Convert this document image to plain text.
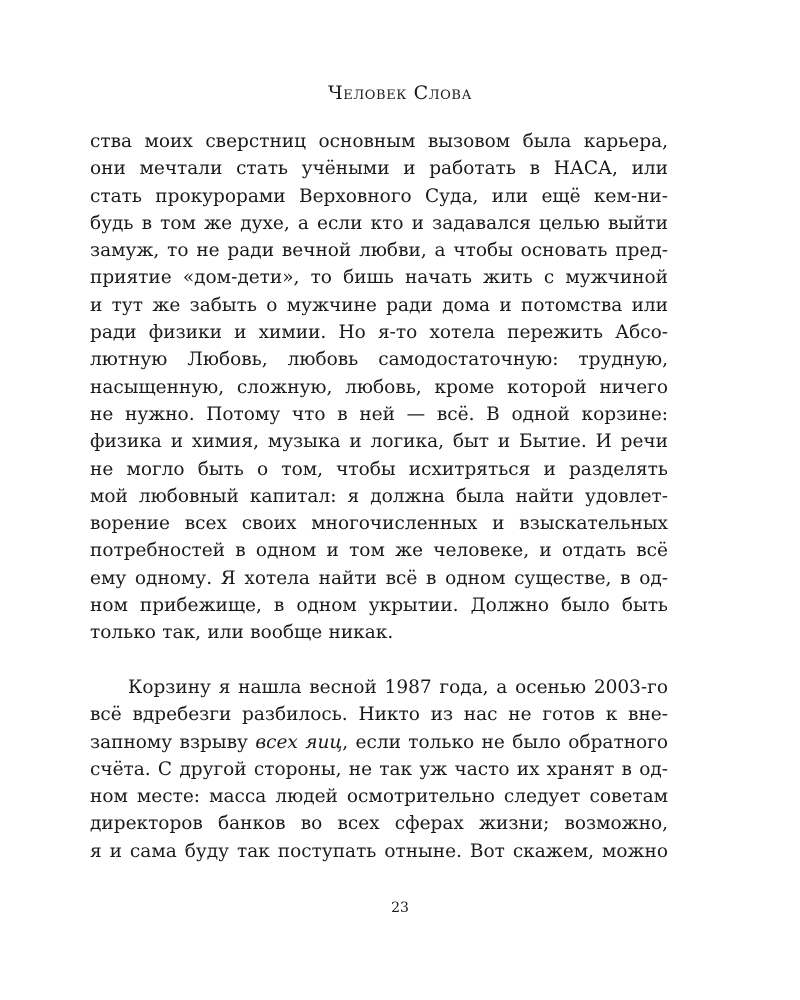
Человек Слова
ства моих сверстниц основным вызовом была карьера,
они мечтали стать учёными и работать в НАСА, или
стать прокурорами Верховного Суда, или ещё кем-ни-
будь в том же духе, а если кто и задавался целью выйти
замуж, то не ради вечной любви, а чтобы основать пред-
приятие «дом-дети», то бишь начать жить с мужчиной
и тут же забыть о мужчине ради дома и потомства или
ради физики и химии. Но я-то хотела пережить Абсо-
лютную Любовь, любовь самодостаточную: трудную,
насыщенную, сложную, любовь, кроме которой ничего
не нужно. Потому что в ней — всё. В одной корзине:
физика и химия, музыка и логика, быт и Бытие. И речи
не могло быть о том, чтобы исхитряться и разделять
мой любовный капитал: я должна была найти удовлет-
ворение всех своих многочисленных и взыскательных
потребностей в одном и том же человеке, и отдать всё
ему одному. Я хотела найти всё в одном существе, в од-
ном прибежище, в одном укрытии. Должно было быть
только так, или вообще никак.
Корзину я нашла весной 1987 года, а осенью 2003-го
всё вдребезги разбилось. Никто из нас не готов к вне-
запному взрыву всех яиц, если только не было обратного
счёта. С другой стороны, не так уж часто их хранят в од-
ном месте: масса людей осмотрительно следует советам
директоров банков во всех сферах жизни; возможно,
я и сама буду так поступать отныне. Вот скажем, можно
23
